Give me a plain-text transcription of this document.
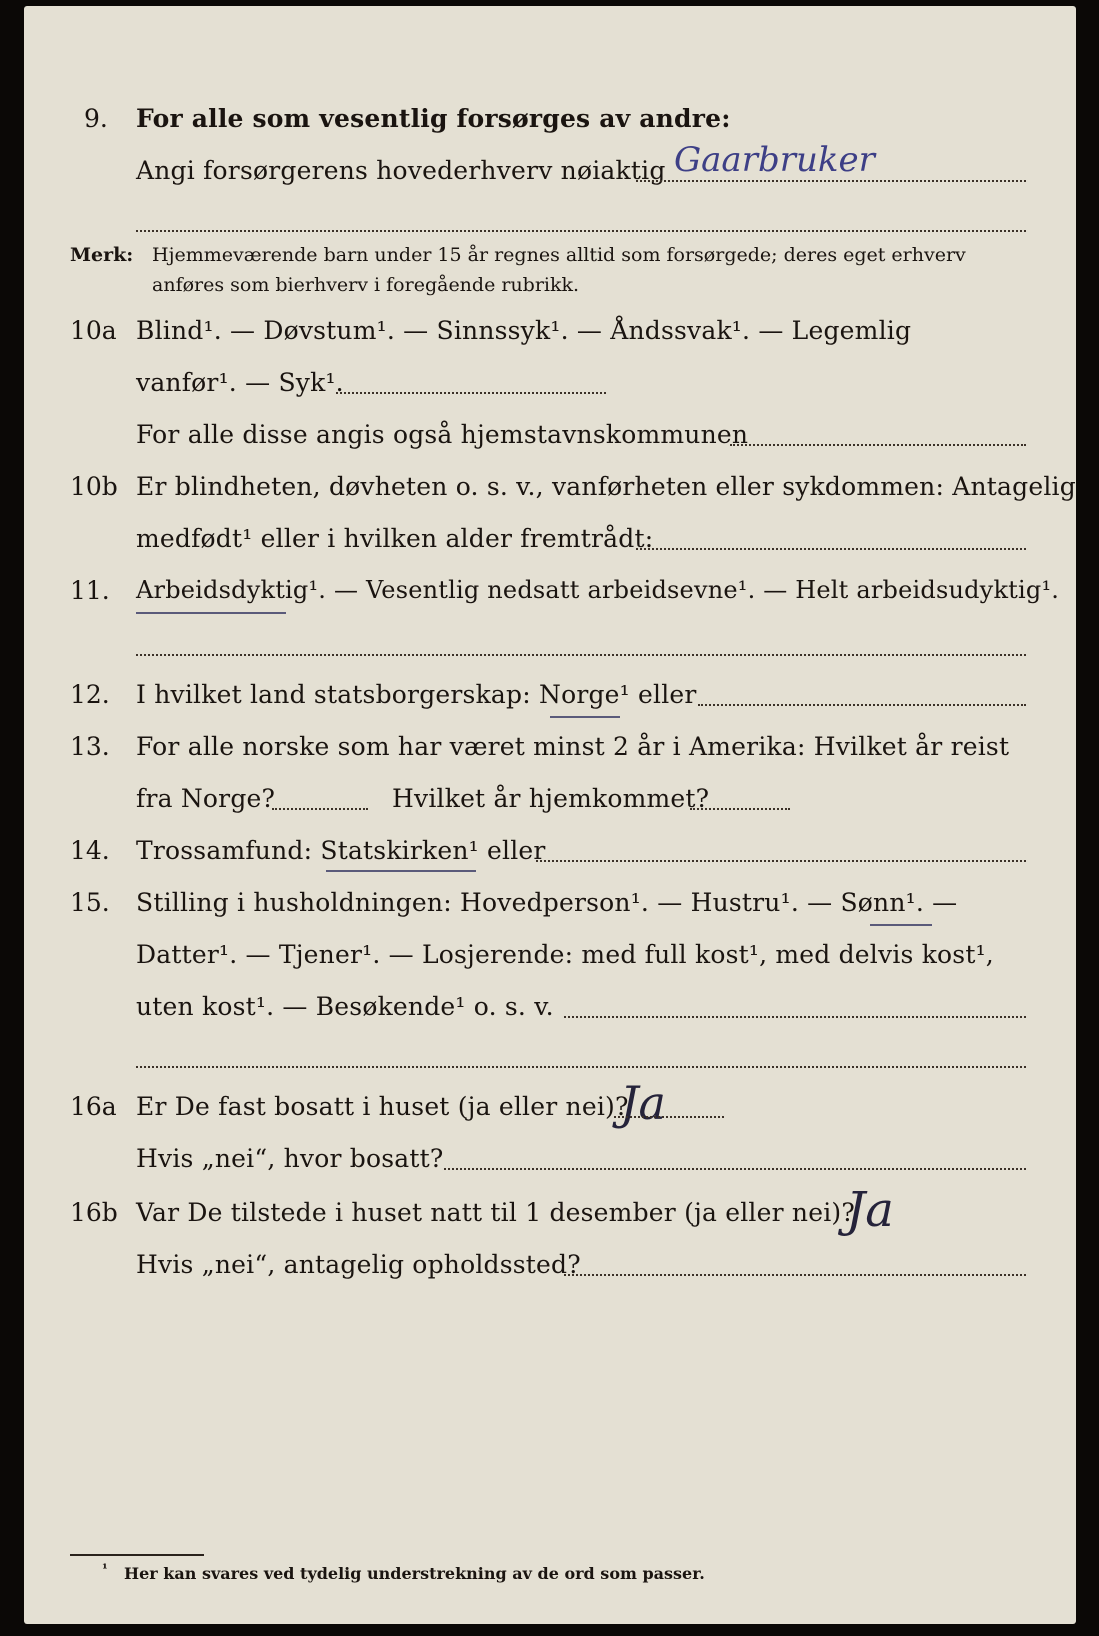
9. For alle som vesentlig forsørges av andre:
Angi forsørgerens hovederhverv nøiaktig Gaarbruker
Merk: Hjemmeværende barn under 15 år regnes alltid som forsørgede; deres eget erhverv
anføres som bierhverv i foregående rubrikk.
10a Blind¹. — Døvstum¹. — Sinnssyk¹. — Åndssvak¹. — Legemlig
vanfør¹. — Syk¹.
For alle disse angis også hjemstavnskommunen
10b Er blindheten, døvheten o. s. v., vanførheten eller sykdommen: Antagelig
medfødt¹ eller i hvilken alder fremtrådt:
11. Arbeidsdyktig¹. — Vesentlig nedsatt arbeidsevne¹. — Helt arbeidsudyktig¹.
12. I hvilket land statsborgerskap: Norge¹ eller
13. For alle norske som har været minst 2 år i Amerika: Hvilket år reist
fra Norge?	Hvilket år hjemkommet?
14. Trossamfund: Statskirken¹ eller
15. Stilling i husholdningen: Hovedperson¹. — Hustru¹. — Sønn¹. —
Datter¹. — Tjener¹. — Losjerende: med full kost¹, med delvis kost¹,
uten kost¹. — Besøkende¹ o. s. v.
16a Er De fast bosatt i huset (ja eller nei)?
Ja
Hvis „nei“, hvor bosatt?
16b Var De tilstede i huset natt til 1 desember (ja eller nei)?
Ja
Hvis „nei“, antagelig opholdssted?
¹ Her kan svares ved tydelig understrekning av de ord som passer.
